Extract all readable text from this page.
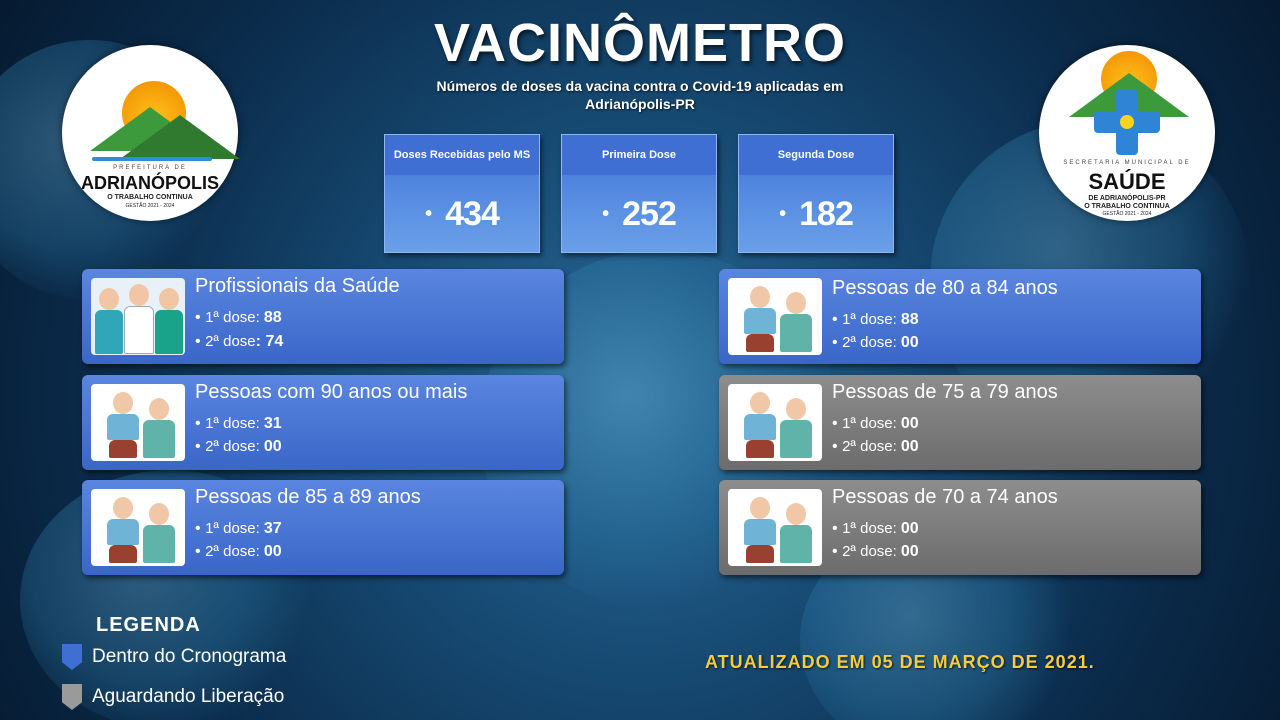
VACINÔMETRO
Números de doses da vacina contra o Covid-19 aplicadas em
Adrianópolis-PR
PREFEITURA DE
ADRIANÓPOLIS
O TRABALHO CONTINUA
GESTÃO 2021 - 2024
SECRETARIA MUNICIPAL DE
SAÚDE
DE ADRIANÓPOLIS-PR
O TRABALHO CONTINUA
GESTÃO 2021 - 2024
Doses Recebidas pelo MS
• 434
Primeira Dose
• 252
Segunda Dose
• 182
Profissionais da Saúde
• 1ª dose: 88
• 2ª dose: 74
Pessoas com 90 anos ou mais
• 1ª dose: 31
• 2ª dose: 00
Pessoas de 85 a 89 anos
• 1ª dose: 37
• 2ª dose: 00
Pessoas de 80 a 84 anos
• 1ª dose: 88
• 2ª dose: 00
Pessoas de 75 a 79 anos
• 1ª dose: 00
• 2ª dose: 00
Pessoas de 70 a 74 anos
• 1ª dose: 00
• 2ª dose: 00
LEGENDA
Dentro do Cronograma
Aguardando Liberação
ATUALIZADO EM 05 DE MARÇO DE 2021.
